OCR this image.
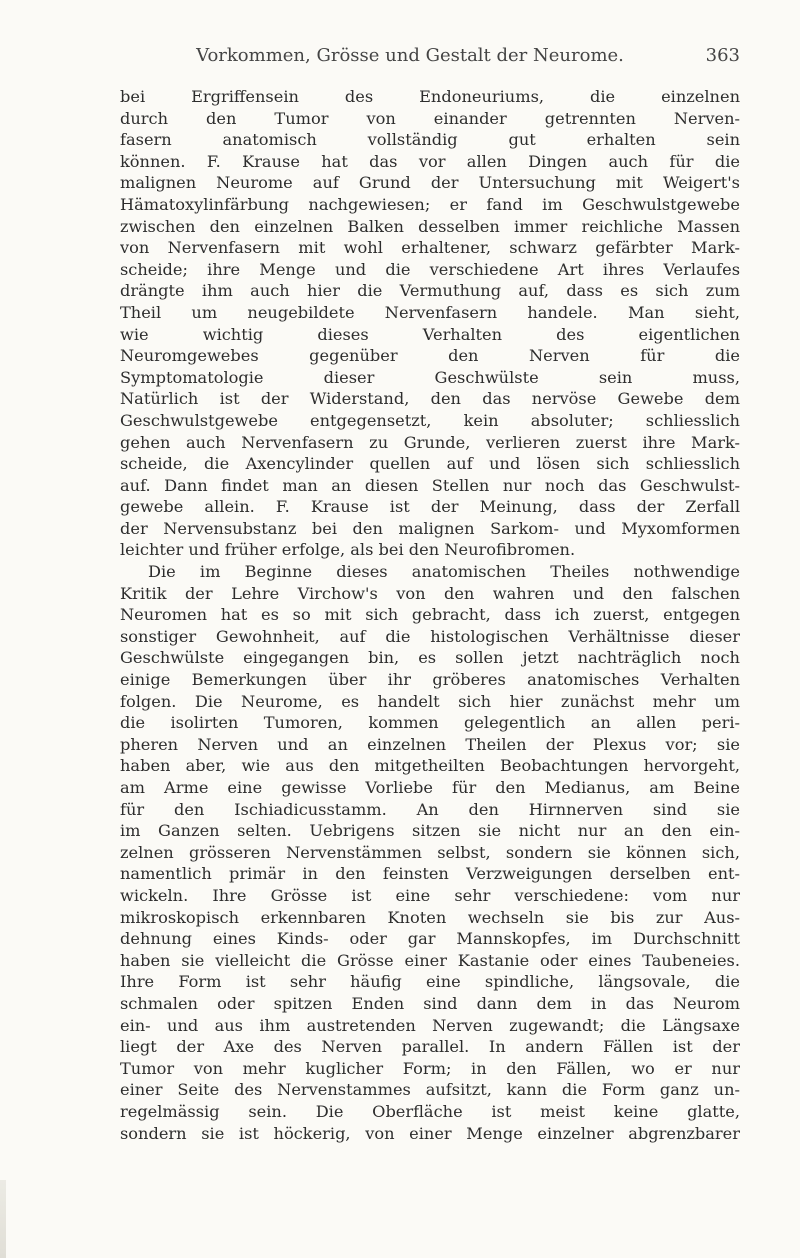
Vorkommen, Grösse und Gestalt der Neurome.	363
bei Ergriffensein des Endoneuriums, die einzelnen
durch den Tumor von einander getrennten Nerven-
fasern anatomisch vollständig gut erhalten sein
können. F. Krause hat das vor allen Dingen auch für die
malignen Neurome auf Grund der Untersuchung mit Weigert's
Hämatoxylinfärbung nachgewiesen; er fand im Geschwulstgewebe
zwischen den einzelnen Balken desselben immer reichliche Massen
von Nervenfasern mit wohl erhaltener, schwarz gefärbter Mark-
scheide; ihre Menge und die verschiedene Art ihres Verlaufes
drängte ihm auch hier die Vermuthung auf, dass es sich zum
Theil um neugebildete Nervenfasern handele. Man sieht,
wie wichtig dieses Verhalten des eigentlichen
Neuromgewebes gegenüber den Nerven für die
Symptomatologie dieser Geschwülste sein muss,
Natürlich ist der Widerstand, den das nervöse Gewebe dem
Geschwulstgewebe entgegensetzt, kein absoluter; schliesslich
gehen auch Nervenfasern zu Grunde, verlieren zuerst ihre Mark-
scheide, die Axencylinder quellen auf und lösen sich schliesslich
auf. Dann findet man an diesen Stellen nur noch das Geschwulst-
gewebe allein. F. Krause ist der Meinung, dass der Zerfall
der Nervensubstanz bei den malignen Sarkom- und Myxomformen
leichter und früher erfolge, als bei den Neurofibromen.
Die im Beginne dieses anatomischen Theiles nothwendige
Kritik der Lehre Virchow's von den wahren und den falschen
Neuromen hat es so mit sich gebracht, dass ich zuerst, entgegen
sonstiger Gewohnheit, auf die histologischen Verhältnisse dieser
Geschwülste eingegangen bin, es sollen jetzt nachträglich noch
einige Bemerkungen über ihr gröberes anatomisches Verhalten
folgen. Die Neurome, es handelt sich hier zunächst mehr um
die isolirten Tumoren, kommen gelegentlich an allen peri-
pheren Nerven und an einzelnen Theilen der Plexus vor; sie
haben aber, wie aus den mitgetheilten Beobachtungen hervorgeht,
am Arme eine gewisse Vorliebe für den Medianus, am Beine
für den Ischiadicusstamm. An den Hirnnerven sind sie
im Ganzen selten. Uebrigens sitzen sie nicht nur an den ein-
zelnen grösseren Nervenstämmen selbst, sondern sie können sich,
namentlich primär in den feinsten Verzweigungen derselben ent-
wickeln. Ihre Grösse ist eine sehr verschiedene: vom nur
mikroskopisch erkennbaren Knoten wechseln sie bis zur Aus-
dehnung eines Kinds- oder gar Mannskopfes, im Durchschnitt
haben sie vielleicht die Grösse einer Kastanie oder eines Taubeneies.
Ihre Form ist sehr häufig eine spindliche, längsovale, die
schmalen oder spitzen Enden sind dann dem in das Neurom
ein- und aus ihm austretenden Nerven zugewandt; die Längsaxe
liegt der Axe des Nerven parallel. In andern Fällen ist der
Tumor von mehr kuglicher Form; in den Fällen, wo er nur
einer Seite des Nervenstammes aufsitzt, kann die Form ganz un-
regelmässig sein. Die Oberfläche ist meist keine glatte,
sondern sie ist höckerig, von einer Menge einzelner abgrenzbarer
